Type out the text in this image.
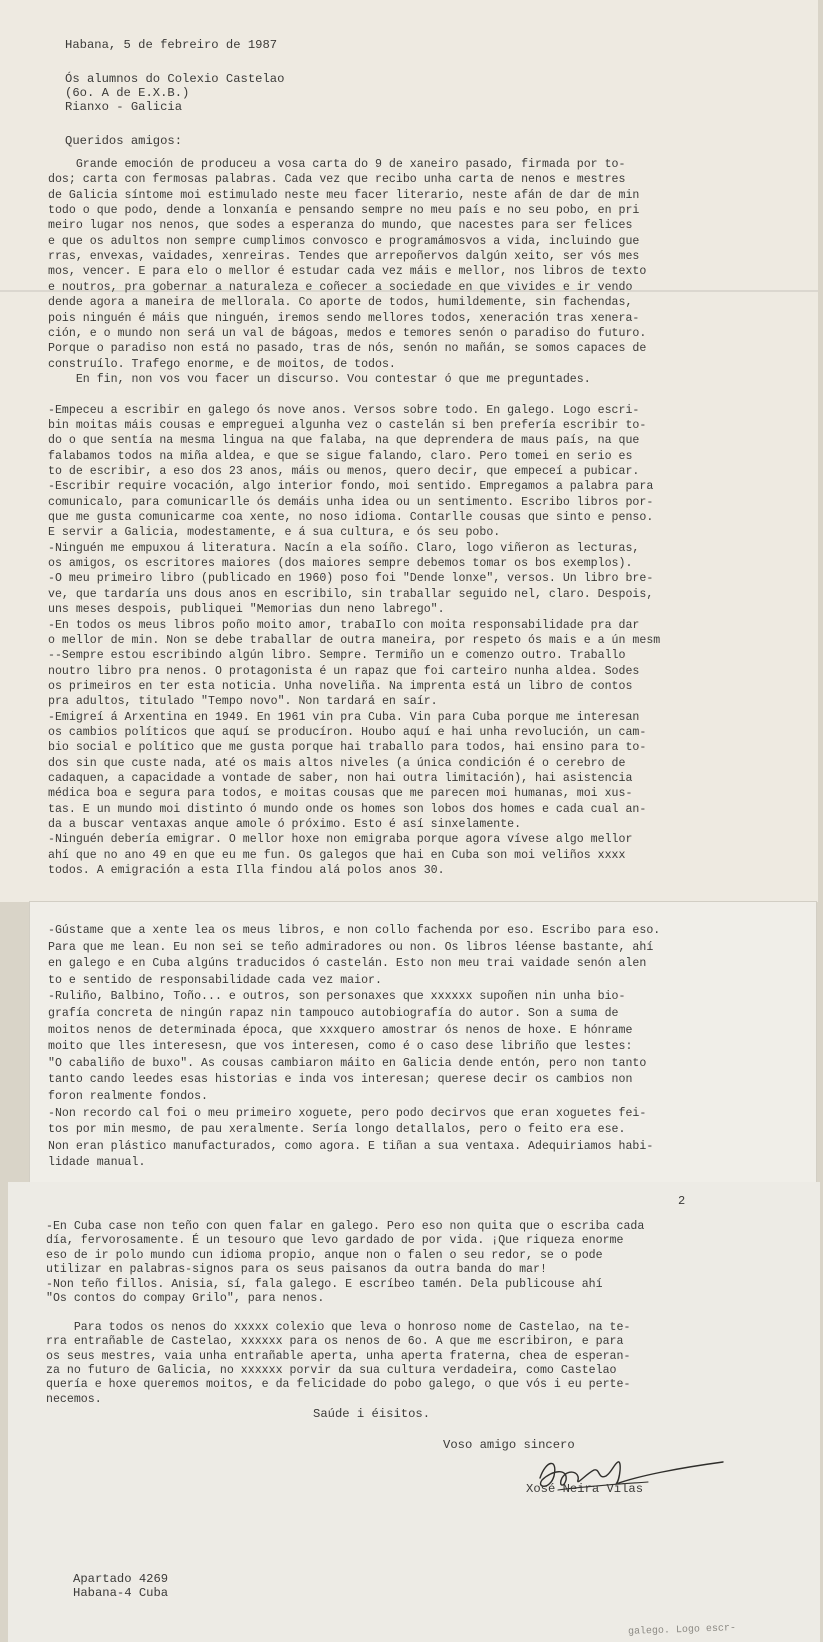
Habana, 5 de febreiro de 1987
Ós alumnos do Colexio Castelao
(6o. A de E.X.B.)
Rianxo - Galicia
Queridos amigos:
Grande emoción de produceu a vosa carta do 9 de xaneiro pasado, firmada por to-
dos; carta con fermosas palabras. Cada vez que recibo unha carta de nenos e mestres
de Galicia síntome moi estimulado neste meu facer literario, neste afán de dar de min
todo o que podo, dende a lonxanía e pensando sempre no meu país e no seu pobo, en pri
meiro lugar nos nenos, que sodes a esperanza do mundo, que nacestes para ser felices
e que os adultos non sempre cumplimos convosco e programámosvos a vida, incluindo gue
rras, envexas, vaidades, xenreiras. Tendes que arrepoñervos dalgún xeito, ser vós mes
mos, vencer. E para elo o mellor é estudar cada vez máis e mellor, nos libros de texto
e noutros, pra gobernar a naturaleza e coñecer a sociedade en que vivides e ir vendo
dende agora a maneira de mellorala. Co aporte de todos, humildemente, sin fachendas,
pois ninguén é máis que ninguén, iremos sendo mellores todos, xeneración tras xenera-
ción, e o mundo non será un val de bágoas, medos e temores senón o paradiso do futuro.
Porque o paradiso non está no pasado, tras de nós, senón no mañán, se somos capaces de
construílo. Trafego enorme, e de moitos, de todos.
En fin, non vos vou facer un discurso. Vou contestar ó que me preguntades.
-Empeceu a escribir en galego ós nove anos. Versos sobre todo. En galego. Logo escri-
bin moitas máis cousas e empreguei algunha vez o castelán si ben prefería escribir to-
do o que sentía na mesma lingua na que falaba, na que deprendera de maus país, na que
falabamos todos na miña aldea, e que se sigue falando, claro. Pero tomei en serio es
to de escribir, a eso dos 23 anos, máis ou menos, quero decir, que empeceí a pubicar.
-Escribir require vocación, algo interior fondo, moi sentido. Empregamos a palabra para
comunicalo, para comunicarlle ós demáis unha idea ou un sentimento. Escribo libros por-
que me gusta comunicarme coa xente, no noso idioma. Contarlle cousas que sinto e penso.
E servir a Galicia, modestamente, e á sua cultura, e ós seu pobo.
-Ninguén me empuxou á literatura. Nacín a ela soíño. Claro, logo viñeron as lecturas,
os amigos, os escritores maiores (dos maiores sempre debemos tomar os bos exemplos).
-O meu primeiro libro (publicado en 1960) poso foi "Dende lonxe", versos. Un libro bre-
ve, que tardaría uns dous anos en escribilo, sin traballar seguido nel, claro. Despois,
uns meses despois, publiquei "Memorias dun neno labrego".
-En todos os meus libros poño moito amor, trabaIlo con moita responsabilidade pra dar
o mellor de min. Non se debe traballar de outra maneira, por respeto ós mais e a ún mesm
--Sempre estou escribindo algún libro. Sempre. Termiño un e comenzo outro. Traballo
noutro libro pra nenos. O protagonista é un rapaz que foi carteiro nunha aldea. Sodes
os primeiros en ter esta noticia. Unha noveliña. Na imprenta está un libro de contos
pra adultos, titulado "Tempo novo". Non tardará en saír.
-Emigreí á Arxentina en 1949. En 1961 vin pra Cuba. Vin para Cuba porque me interesan
os cambios políticos que aquí se producíron. Houbo aquí e hai unha revolución, un cam-
bio social e político que me gusta porque hai traballo para todos, hai ensino para to-
dos sin que custe nada, até os mais altos niveles (a única condición é o cerebro de
cadaquen, a capacidade a vontade de saber, non hai outra limitación), hai asistencia
médica boa e segura para todos, e moitas cousas que me parecen moi humanas, moi xus-
tas. E un mundo moi distinto ó mundo onde os homes son lobos dos homes e cada cual an-
da a buscar ventaxas anque amole ó próximo. Esto é así sinxelamente.
-Ninguén debería emigrar. O mellor hoxe non emigraba porque agora vívese algo mellor
ahí que no ano 49 en que eu me fun. Os galegos que hai en Cuba son moi veliños xxxx
todos. A emigración a esta Illa findou alá polos anos 30.
-Gústame que a xente lea os meus libros, e non collo fachenda por eso. Escribo para eso.
Para que me lean. Eu non sei se teño admiradores ou non. Os libros léense bastante, ahí
en galego e en Cuba algúns traducidos ó castelán. Esto non meu trai vaidade senón alen
to e sentido de responsabilidade cada vez maior.
-Ruliño, Balbino, Toño... e outros, son personaxes que xxxxxx supoñen nin unha bio-
grafía concreta de ningún rapaz nin tampouco autobiografía do autor. Son a suma de
moitos nenos de determinada época, que xxxquero amostrar ós nenos de hoxe. E hónrame
moito que lles interesesn, que vos interesen, como é o caso dese libriño que lestes:
"O cabaliño de buxo". As cousas cambiaron máito en Galicia dende entón, pero non tanto
tanto cando leedes esas historias e inda vos interesan; querese decir os cambios non
foron realmente fondos.
-Non recordo cal foi o meu primeiro xoguete, pero podo decirvos que eran xoguetes fei-
tos por min mesmo, de pau xeralmente. Sería longo detallalos, pero o feito era ese.
Non eran plástico manufacturados, como agora. E tiñan a sua ventaxa. Adequiriamos habi-
lidade manual.
2
-En Cuba case non teño con quen falar en galego. Pero eso non quita que o escriba cada
día, fervorosamente. É un tesouro que levo gardado de por vida. ¡Que riqueza enorme
eso de ir polo mundo cun idioma propio, anque non o falen o seu redor, se o pode
utilizar en palabras-signos para os seus paisanos da outra banda do mar!
-Non teño fillos. Anisia, sí, fala galego. E escríbeo tamén. Dela publicouse ahí
"Os contos do compay Grilo", para nenos.
Para todos os nenos do xxxxx colexio que leva o honroso nome de Castelao, na te-
rra entrañable de Castelao, xxxxxx para os nenos de 6o. A que me escribiron, e para
os seus mestres, vaia unha entrañable aperta, unha aperta fraterna, chea de esperan-
za no futuro de Galicia, no xxxxxx porvir da sua cultura verdadeira, como Castelao
quería e hoxe queremos moitos, e da felicidade do pobo galego, o que vós i eu perte-
necemos.
Saúde i éisitos.
Voso amigo sincero
Xosé Neira Vilas
Apartado 4269
Habana-4 Cuba
galego. Logo escr-
